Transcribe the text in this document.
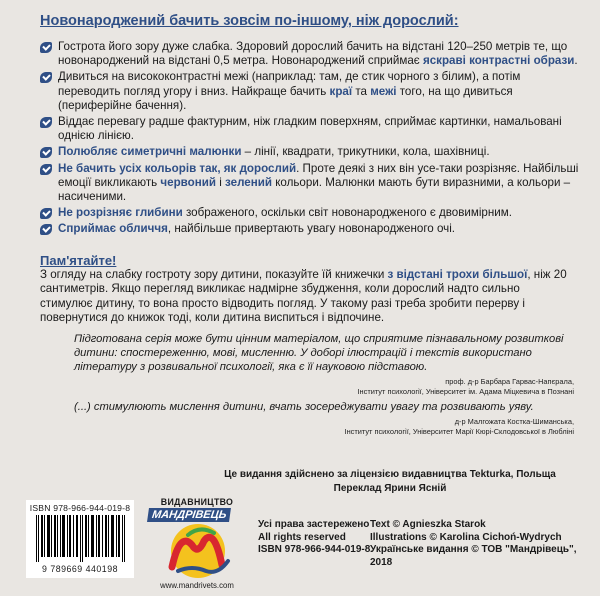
Новонароджений бачить зовсім по-іншому, ніж дорослий:
Гострота його зору дуже слабка. Здоровий дорослий бачить на відстані 120–250 метрів те, що новонароджений на відстані 0,5 метра. Новонароджений сприймає яскраві контрастні образи.
Дивиться на висококонтрастні межі (наприклад: там, де стик чорного з білим), а потім переводить погляд угору і вниз. Найкраще бачить краї та межі того, на що дивиться (периферійне бачення).
Віддає перевагу радше фактурним, ніж гладким поверхням, сприймає картинки, намальовані однією лінією.
Полюбляє симетричні малюнки – лінії, квадрати, трикутники, кола, шахівниці.
Не бачить усіх кольорів так, як дорослий. Проте деякі з них він усе-таки розрізняє. Найбільші емоції викликають червоний і зелений кольори. Малюнки мають бути виразними, а кольори – насиченими.
Не розрізняє глибини зображеного, оскільки світ новонародженого є двовимірним.
Сприймає обличчя, найбільше привертають увагу новонародженого очі.
Пам'ятайте!
З огляду на слабку гостроту зору дитини, показуйте їй книжечки з відстані трохи більшої, ніж 20 сантиметрів. Якщо перегляд викликає надмірне збудження, коли дорослий надто сильно стимулює дитину, то вона просто відводить погляд. У такому разі треба зробити перерву і повернутися до книжок тоді, коли дитина виспиться і відпочине.
Підготована серія може бути цінним матеріалом, що сприятиме пізнавальному розвиткові дитини: спостереженню, мові, мисленню. У доборі ілюстрацій і текстів використано літературу з розвивальної психології, яка є її науковою підставою.
проф. д-р Барбара Гарвас-Напєрала,
Інститут психології, Університет ім. Адама Міцкевича в Познані
(...) стимулюють мислення дитини, вчать зосереджувати увагу та розвивають уяву.
д-р Малгожата Костка-Шиманська,
Інститут психології, Університет Марії Кюрі-Склодовської в Любліні
Це видання здійснено за ліцензією видавництва Tekturka, Польща
Переклад Ярини Ясній
ISBN 978-966-944-019-8
9 789669 440198
ВИДАВНИЦТВО
МАНДРІВЕЦЬ
www.mandrivets.com
Усі права застережено
All rights reserved
ISBN 978-966-944-019-8
Text © Agnieszka Starok
Illustrations © Karolina Cichoń-Wydrych
Українське видання © ТОВ "Мандрівець", 2018
